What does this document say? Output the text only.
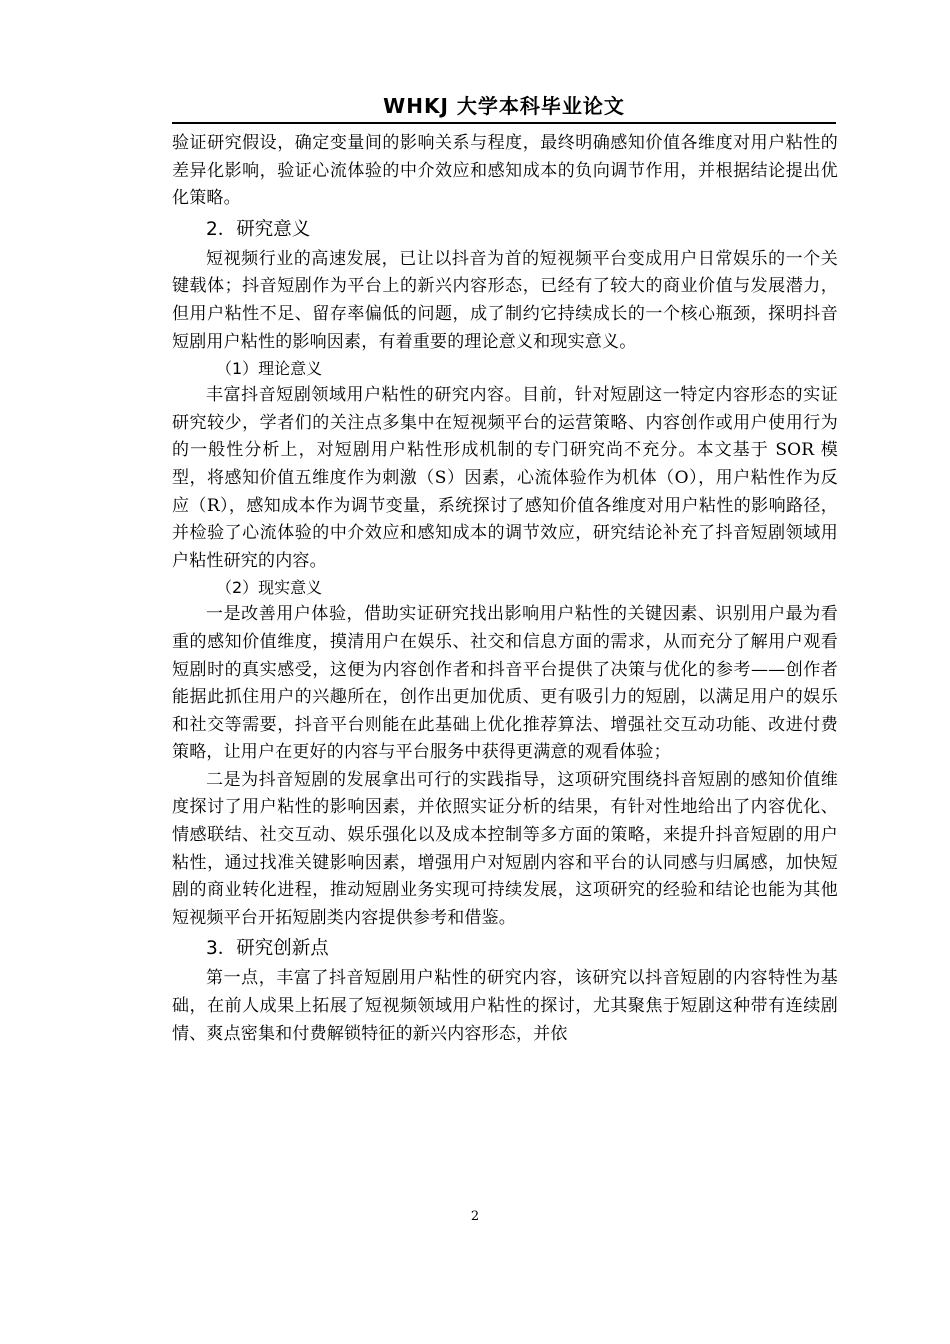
WHKJ 大学本科毕业论文

验证研究假设，确定变量间的影响关系与程度，最终明确感知价值各维度对用户粘性的差异化影响，验证心流体验的中介效应和感知成本的负向调节作用，并根据结论提出优化策略。

2．研究意义

短视频行业的高速发展，已让以抖音为首的短视频平台变成用户日常娱乐的一个关键载体；抖音短剧作为平台上的新兴内容形态，已经有了较大的商业价值与发展潜力，但用户粘性不足、留存率偏低的问题，成了制约它持续成长的一个核心瓶颈，探明抖音短剧用户粘性的影响因素，有着重要的理论意义和现实意义。

（1）理论意义

丰富抖音短剧领域用户粘性的研究内容。目前，针对短剧这一特定内容形态的实证研究较少，学者们的关注点多集中在短视频平台的运营策略、内容创作或用户使用行为的一般性分析上，对短剧用户粘性形成机制的专门研究尚不充分。本文基于 SOR 模型，将感知价值五维度作为刺激（S）因素，心流体验作为机体（O），用户粘性作为反应（R），感知成本作为调节变量，系统探讨了感知价值各维度对用户粘性的影响路径，并检验了心流体验的中介效应和感知成本的调节效应，研究结论补充了抖音短剧领域用户粘性研究的内容。

（2）现实意义

一是改善用户体验，借助实证研究找出影响用户粘性的关键因素、识别用户最为看重的感知价值维度，摸清用户在娱乐、社交和信息方面的需求，从而充分了解用户观看短剧时的真实感受，这便为内容创作者和抖音平台提供了决策与优化的参考——创作者能据此抓住用户的兴趣所在，创作出更加优质、更有吸引力的短剧，以满足用户的娱乐和社交等需要，抖音平台则能在此基础上优化推荐算法、增强社交互动功能、改进付费策略，让用户在更好的内容与平台服务中获得更满意的观看体验；

二是为抖音短剧的发展拿出可行的实践指导，这项研究围绕抖音短剧的感知价值维度探讨了用户粘性的影响因素，并依照实证分析的结果，有针对性地给出了内容优化、情感联结、社交互动、娱乐强化以及成本控制等多方面的策略，来提升抖音短剧的用户粘性，通过找准关键影响因素，增强用户对短剧内容和平台的认同感与归属感，加快短剧的商业转化进程，推动短剧业务实现可持续发展，这项研究的经验和结论也能为其他短视频平台开拓短剧类内容提供参考和借鉴。

3．研究创新点

第一点，丰富了抖音短剧用户粘性的研究内容，该研究以抖音短剧的内容特性为基础，在前人成果上拓展了短视频领域用户粘性的探讨，尤其聚焦于短剧这种带有连续剧情、爽点密集和付费解锁特征的新兴内容形态，并依

2
